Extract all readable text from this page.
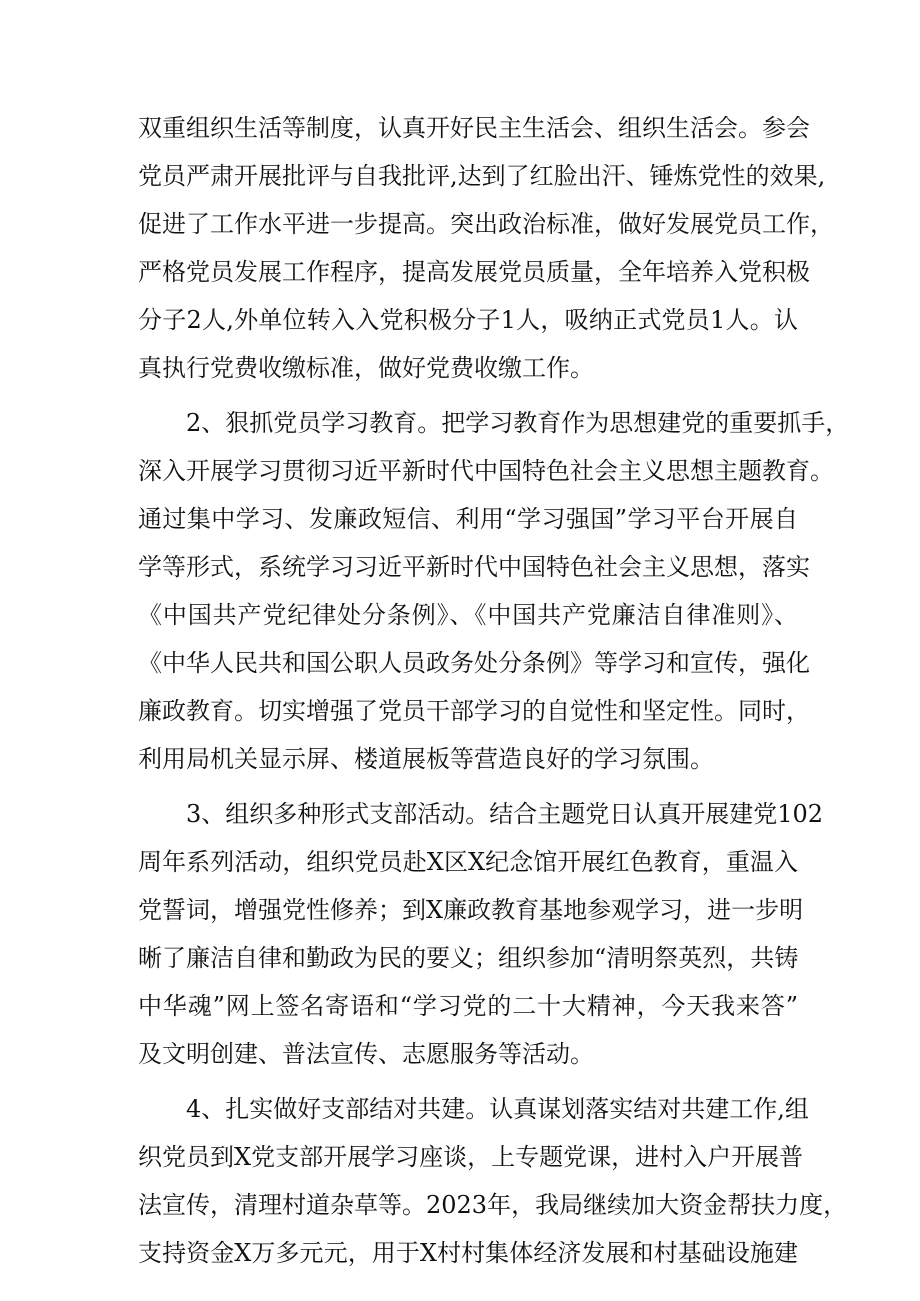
双重组织生活等制度，认真开好民主生活会、组织生活会。参会
党员严肃开展批评与自我批评,达到了红脸出汗、锤炼党性的效果,
促进了工作水平进一步提高。突出政治标准，做好发展党员工作，
严格党员发展工作程序，提高发展党员质量，全年培养入党积极
分子2人,外单位转入入党积极分子1人，吸纳正式党员1人。认
真执行党费收缴标准，做好党费收缴工作。
2、狠抓党员学习教育。把学习教育作为思想建党的重要抓手，
深入开展学习贯彻习近平新时代中国特色社会主义思想主题教育。
通过集中学习、发廉政短信、利用“学习强国”学习平台开展自
学等形式，系统学习习近平新时代中国特色社会主义思想，落实
《中国共产党纪律处分条例》、《中国共产党廉洁自律准则》、
《中华人民共和国公职人员政务处分条例》等学习和宣传，强化
廉政教育。切实增强了党员干部学习的自觉性和坚定性。同时，
利用局机关显示屏、楼道展板等营造良好的学习氛围。
3、组织多种形式支部活动。结合主题党日认真开展建党102
周年系列活动，组织党员赴X区X纪念馆开展红色教育，重温入
党誓词，增强党性修养；到X廉政教育基地参观学习，进一步明
晰了廉洁自律和勤政为民的要义；组织参加“清明祭英烈，共铸
中华魂”网上签名寄语和“学习党的二十大精神，今天我来答”
及文明创建、普法宣传、志愿服务等活动。
4、扎实做好支部结对共建。认真谋划落实结对共建工作,组
织党员到X党支部开展学习座谈，上专题党课，进村入户开展普
法宣传，清理村道杂草等。2023年，我局继续加大资金帮扶力度，
支持资金X万多元元，用于X村村集体经济发展和村基础设施建
